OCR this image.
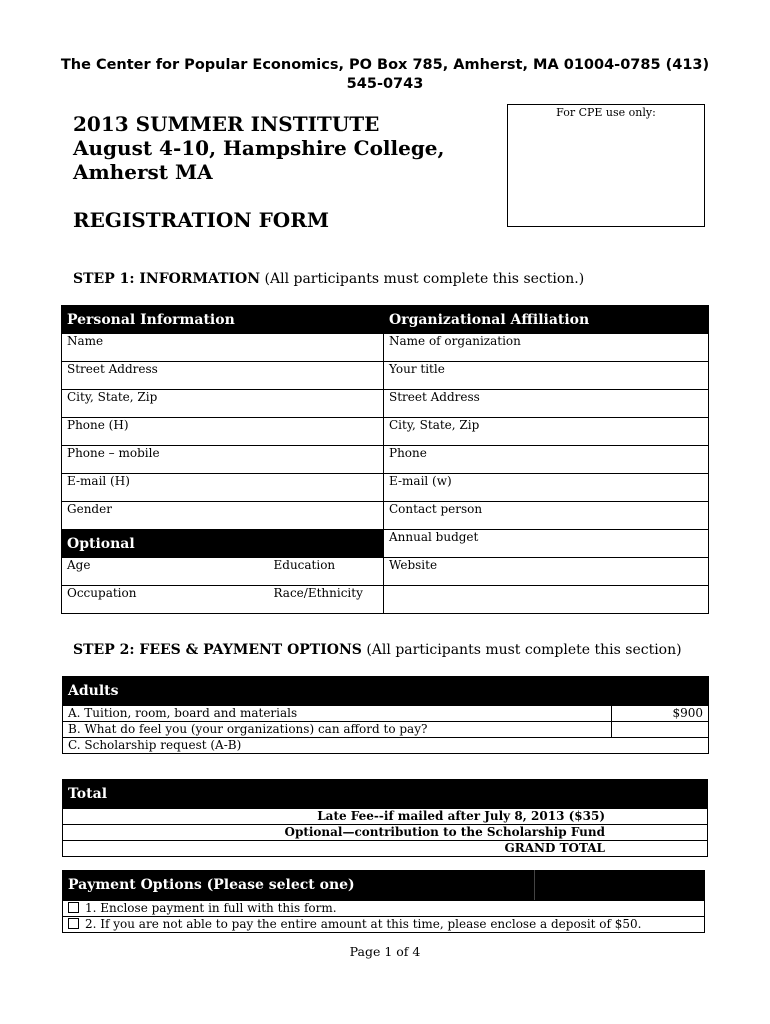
The Center for Popular Economics, PO Box 785, Amherst, MA 01004-0785 (413) 545-0743
2013 SUMMER INSTITUTE
August 4-10, Hampshire College,
Amherst MA
REGISTRATION FORM
For CPE use only:
STEP 1: INFORMATION (All participants must complete this section.)
Personal Information		Organizational Affiliation
Name		Name of organization
Street Address		Your title
City, State, Zip		Street Address
Phone (H)		City, State, Zip
Phone – mobile		Phone
E-mail (H)		E-mail (w)
Gender		Contact person
Optional		Annual budget
Age	Education	Website
Occupation	Race/Ethnicity	
STEP 2: FEES & PAYMENT OPTIONS (All participants must complete this section)
Adults	
A. Tuition, room, board and materials	$900
B. What do feel you (your organizations) can afford to pay?	
C. Scholarship request (A-B)	
Total
Late Fee--if mailed after July 8, 2013 ($35)
Optional—contribution to the Scholarship Fund
GRAND TOTAL
Payment Options (Please select one)	
1. Enclose payment in full with this form.
2. If you are not able to pay the entire amount at this time, please enclose a deposit of $50.
Page 1 of 4
